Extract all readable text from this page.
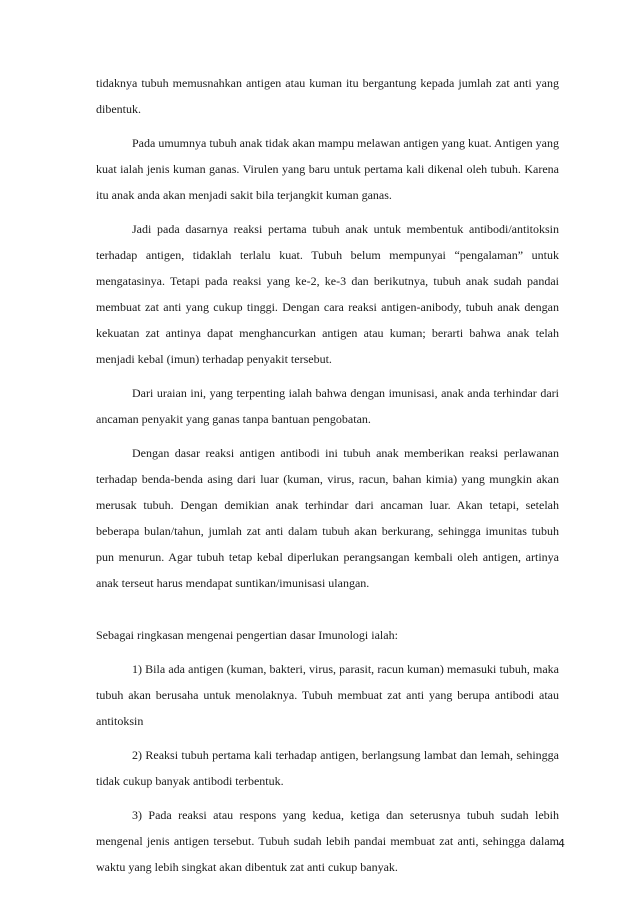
tidaknya tubuh memusnahkan antigen atau kuman itu bergantung kepada jumlah zat anti yang dibentuk.

Pada umumnya tubuh anak tidak akan mampu melawan antigen yang kuat. Antigen yang kuat ialah jenis kuman ganas. Virulen yang baru untuk pertama kali dikenal oleh tubuh. Karena itu anak anda akan menjadi sakit bila terjangkit kuman ganas.

Jadi pada dasarnya reaksi pertama tubuh anak untuk membentuk antibodi/antitoksin terhadap antigen, tidaklah terlalu kuat. Tubuh belum mempunyai “pengalaman” untuk mengatasinya. Tetapi pada reaksi yang ke-2, ke-3 dan berikutnya, tubuh anak sudah pandai membuat zat anti yang cukup tinggi. Dengan cara reaksi antigen-anibody, tubuh anak dengan kekuatan zat antinya dapat menghancurkan antigen atau kuman; berarti bahwa anak telah menjadi kebal (imun) terhadap penyakit tersebut.

Dari uraian ini, yang terpenting ialah bahwa dengan imunisasi, anak anda terhindar dari ancaman penyakit yang ganas tanpa bantuan pengobatan.

Dengan dasar reaksi antigen antibodi ini tubuh anak memberikan reaksi perlawanan terhadap benda-benda asing dari luar (kuman, virus, racun, bahan kimia) yang mungkin akan merusak tubuh. Dengan demikian anak terhindar dari ancaman luar. Akan tetapi, setelah beberapa bulan/tahun, jumlah zat anti dalam tubuh akan berkurang, sehingga imunitas tubuh pun menurun. Agar tubuh tetap kebal diperlukan perangsangan kembali oleh antigen, artinya anak terseut harus mendapat suntikan/imunisasi ulangan.

Sebagai ringkasan mengenai pengertian dasar Imunologi ialah:

1) Bila ada antigen (kuman, bakteri, virus, parasit, racun kuman) memasuki tubuh, maka tubuh akan berusaha untuk menolaknya. Tubuh membuat zat anti yang berupa antibodi atau antitoksin

2) Reaksi tubuh pertama kali terhadap antigen, berlangsung lambat dan lemah, sehingga tidak cukup banyak antibodi terbentuk.

3) Pada reaksi atau respons yang kedua, ketiga dan seterusnya tubuh sudah lebih mengenal jenis antigen tersebut. Tubuh sudah lebih pandai membuat zat anti, sehingga dalam waktu yang lebih singkat akan dibentuk zat anti cukup banyak.

4
